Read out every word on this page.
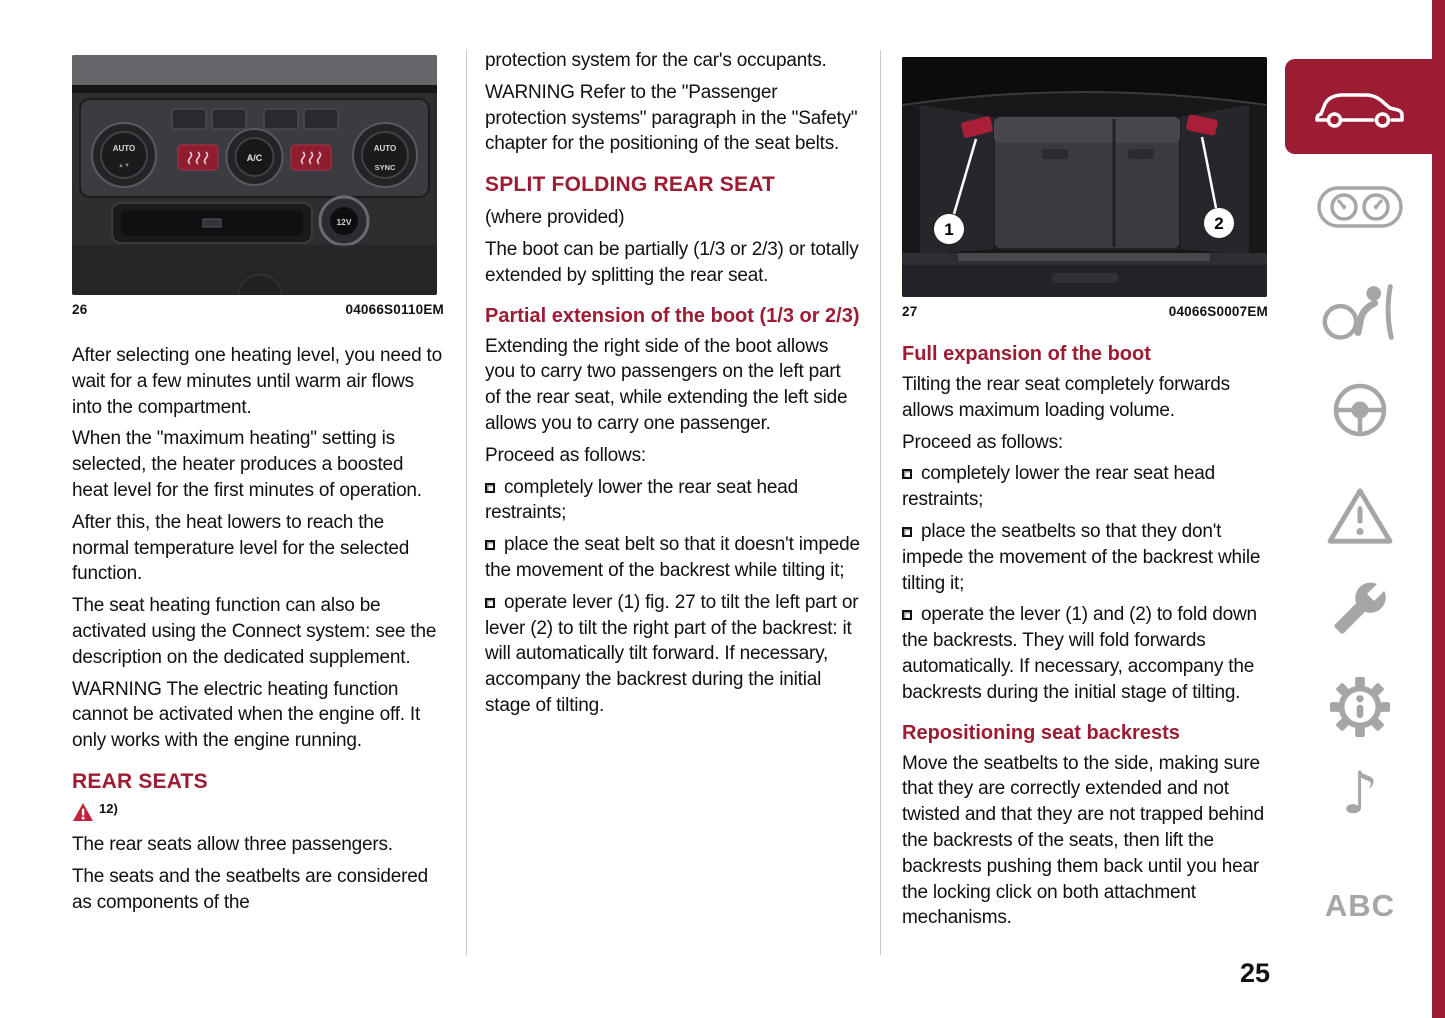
AUTO
▲▼
AUTO
SYNC
A/C
12V
26	04066S0110EM

After selecting one heating level, you need to wait for a few minutes until warm air flows into the compartment.

When the "maximum heating" setting is selected, the heater produces a boosted heat level for the first minutes of operation.

After this, the heat lowers to reach the normal temperature level for the selected function.

The seat heating function can also be activated using the Connect system: see the description on the dedicated supplement.

WARNING The electric heating function cannot be activated when the engine off. It only works with the engine running.

REAR SEATS
12)

The rear seats allow three passengers.

The seats and the seatbelts are considered as components of the

protection system for the car's occupants.

WARNING Refer to the "Passenger protection systems" paragraph in the "Safety" chapter for the positioning of the seat belts.

SPLIT FOLDING REAR SEAT

(where provided)

The boot can be partially (1/3 or 2/3) or totally extended by splitting the rear seat.

Partial extension of the boot (1/3 or 2/3)

Extending the right side of the boot allows you to carry two passengers on the left part of the rear seat, while extending the left side allows you to carry one passenger.

Proceed as follows:

completely lower the rear seat head restraints;

place the seat belt so that it doesn't impede the movement of the backrest while tilting it;

operate lever (1) fig. 27 to tilt the left part or lever (2) to tilt the right part of the backrest: it will automatically tilt forward. If necessary, accompany the backrest during the initial stage of tilting.

1	2
27	04066S0007EM
Full expansion of the boot

Tilting the rear seat completely forwards allows maximum loading volume.

Proceed as follows:

completely lower the rear seat head restraints;

place the seatbelts so that they don't impede the movement of the backrest while tilting it;

operate the lever (1) and (2) to fold down the backrests. They will fold forwards automatically. If necessary, accompany the backrests during the initial stage of tilting.

Repositioning seat backrests

Move the seatbelts to the side, making sure that they are correctly extended and not twisted and that they are not trapped behind the backrests of the seats, then lift the backrests pushing them back until you hear the locking click on both attachment mechanisms.

♪
ABC
25
